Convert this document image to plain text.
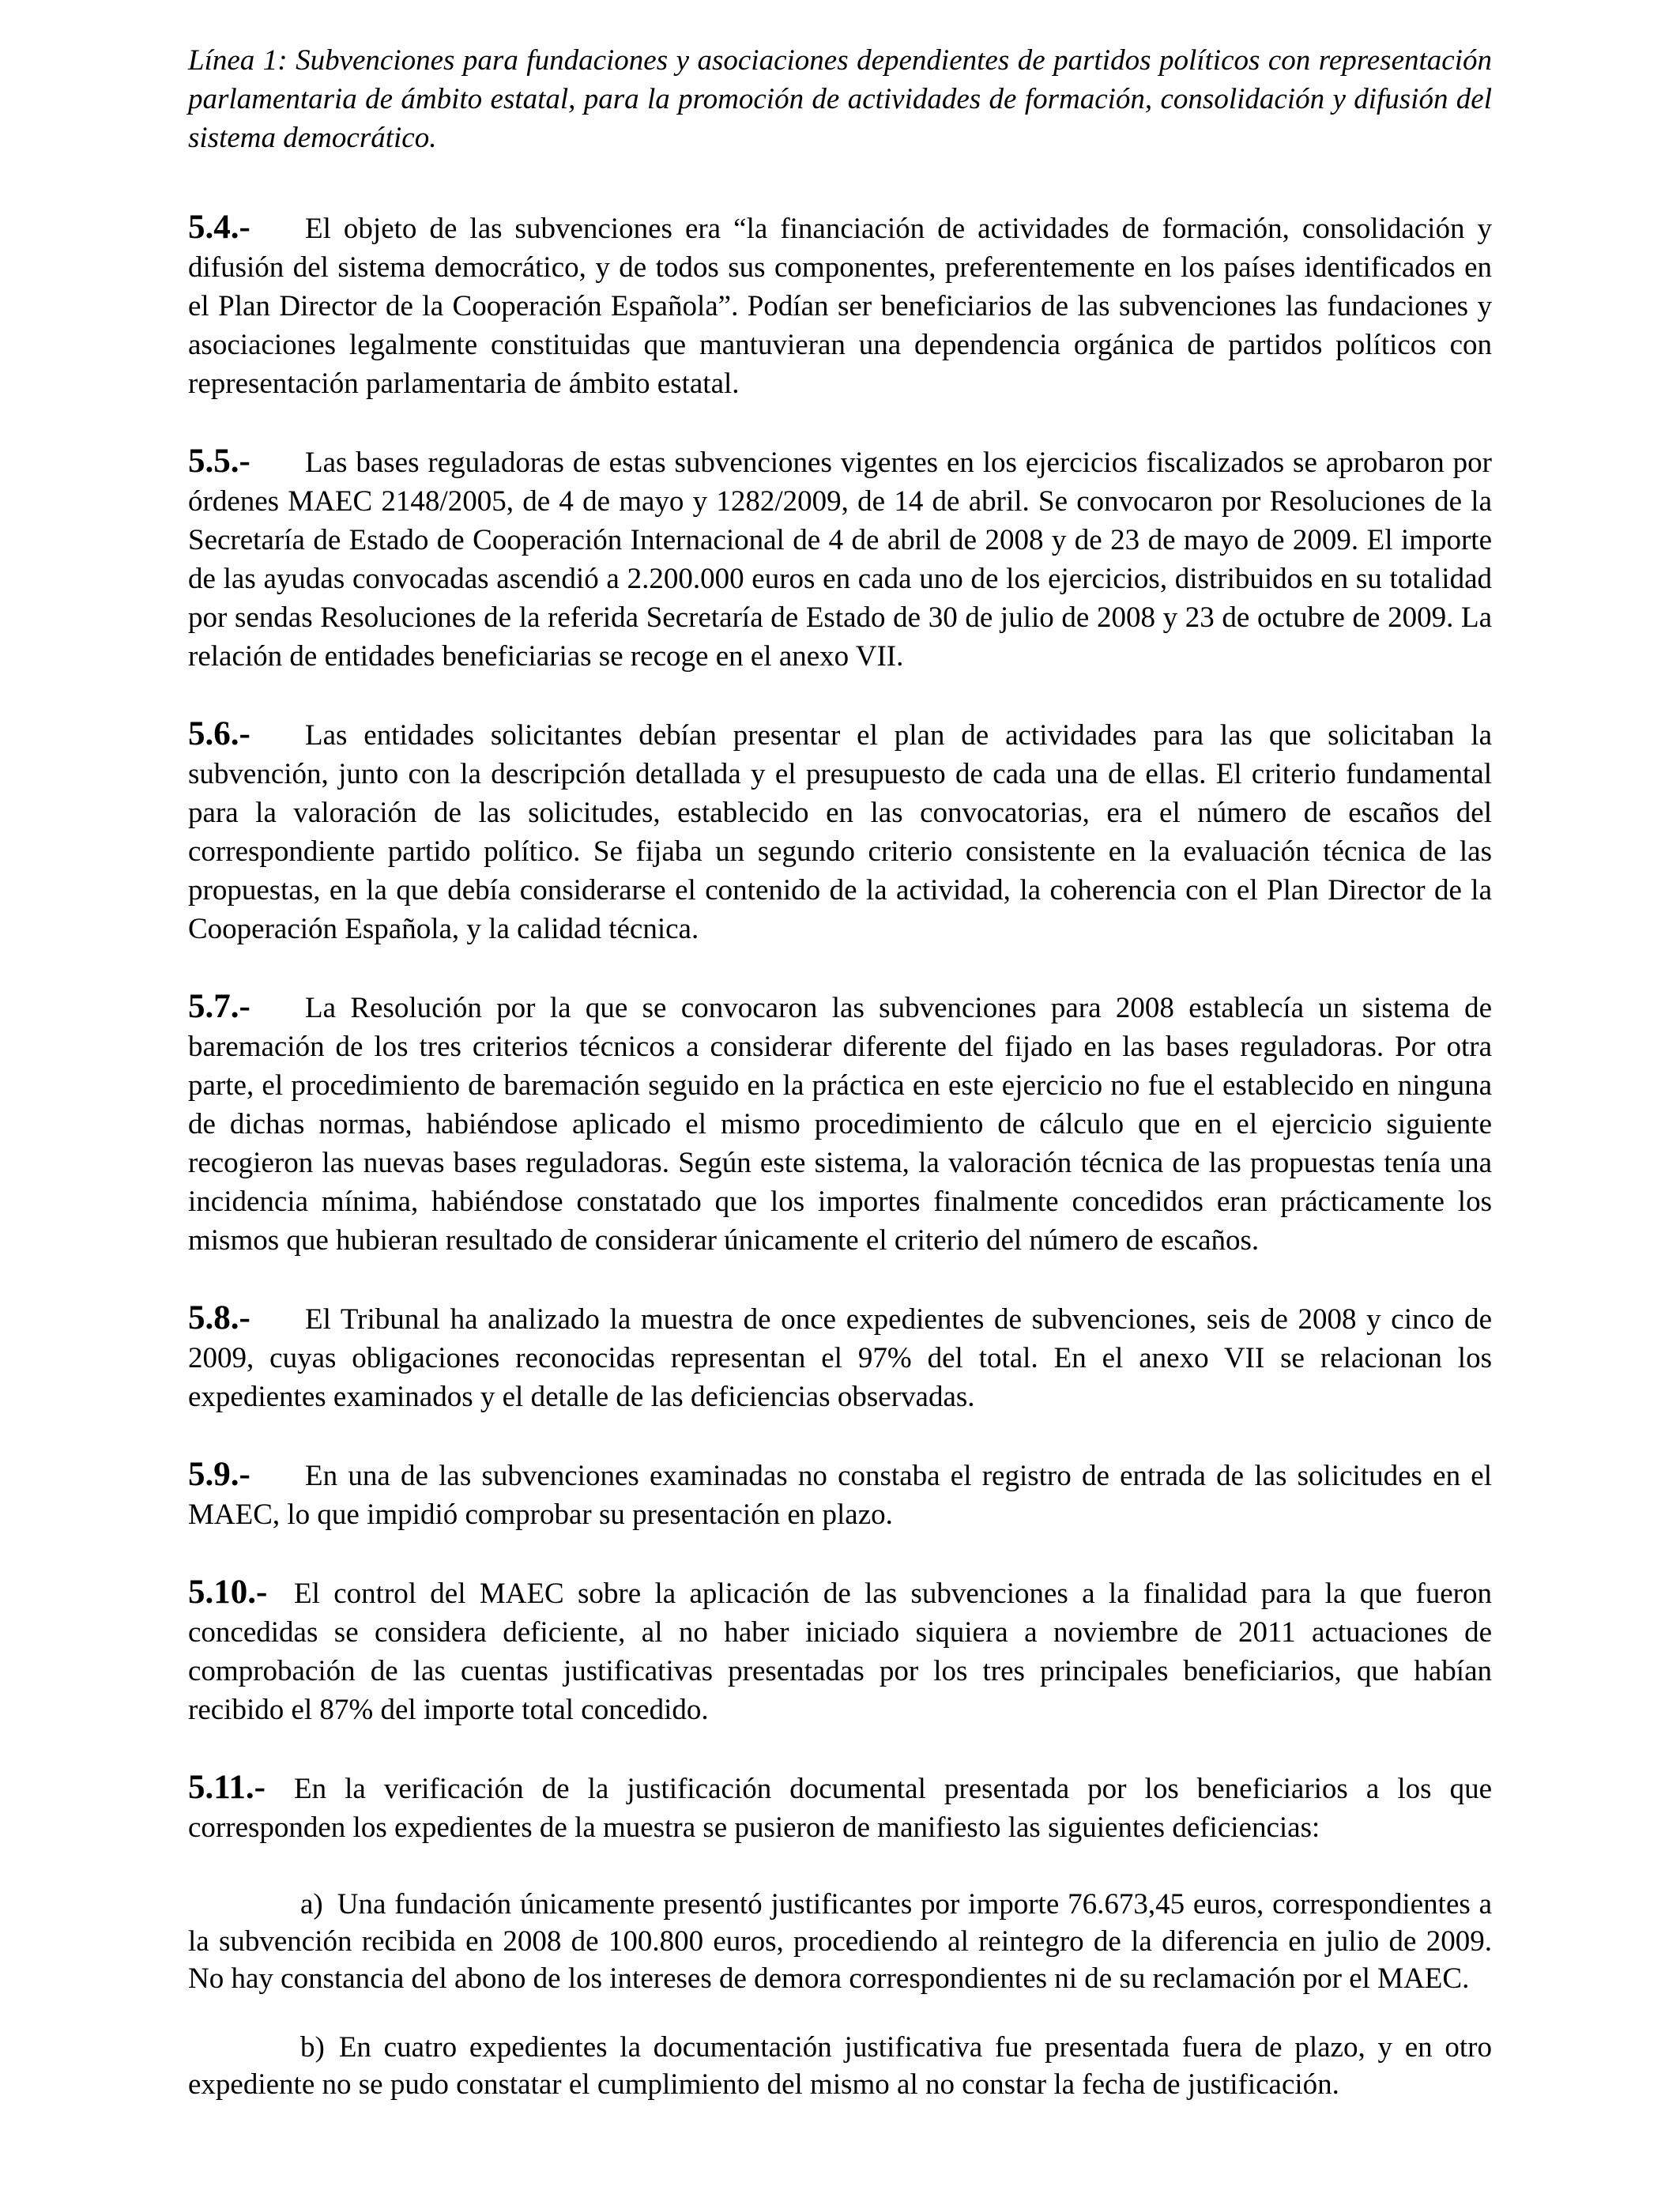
Línea 1: Subvenciones para fundaciones y asociaciones dependientes de partidos políticos con representación parlamentaria de ámbito estatal, para la promoción de actividades de formación, consolidación y difusión del sistema democrático.

5.4.- El objeto de las subvenciones era “la financiación de actividades de formación, consolidación y difusión del sistema democrático, y de todos sus componentes, preferentemente en los países identificados en el Plan Director de la Cooperación Española”. Podían ser beneficiarios de las subvenciones las fundaciones y asociaciones legalmente constituidas que mantuvieran una dependencia orgánica de partidos políticos con representación parlamentaria de ámbito estatal.

5.5.- Las bases reguladoras de estas subvenciones vigentes en los ejercicios fiscalizados se aprobaron por órdenes MAEC 2148/2005, de 4 de mayo y 1282/2009, de 14 de abril. Se convocaron por Resoluciones de la Secretaría de Estado de Cooperación Internacional de 4 de abril de 2008 y de 23 de mayo de 2009. El importe de las ayudas convocadas ascendió a 2.200.000 euros en cada uno de los ejercicios, distribuidos en su totalidad por sendas Resoluciones de la referida Secretaría de Estado de 30 de julio de 2008 y 23 de octubre de 2009. La relación de entidades beneficiarias se recoge en el anexo VII.

5.6.- Las entidades solicitantes debían presentar el plan de actividades para las que solicitaban la subvención, junto con la descripción detallada y el presupuesto de cada una de ellas. El criterio fundamental para la valoración de las solicitudes, establecido en las convocatorias, era el número de escaños del correspondiente partido político. Se fijaba un segundo criterio consistente en la evaluación técnica de las propuestas, en la que debía considerarse el contenido de la actividad, la coherencia con el Plan Director de la Cooperación Española, y la calidad técnica.

5.7.- La Resolución por la que se convocaron las subvenciones para 2008 establecía un sistema de baremación de los tres criterios técnicos a considerar diferente del fijado en las bases reguladoras. Por otra parte, el procedimiento de baremación seguido en la práctica en este ejercicio no fue el establecido en ninguna de dichas normas, habiéndose aplicado el mismo procedimiento de cálculo que en el ejercicio siguiente recogieron las nuevas bases reguladoras. Según este sistema, la valoración técnica de las propuestas tenía una incidencia mínima, habiéndose constatado que los importes finalmente concedidos eran prácticamente los mismos que hubieran resultado de considerar únicamente el criterio del número de escaños.

5.8.- El Tribunal ha analizado la muestra de once expedientes de subvenciones, seis de 2008 y cinco de 2009, cuyas obligaciones reconocidas representan el 97% del total. En el anexo VII se relacionan los expedientes examinados y el detalle de las deficiencias observadas.

5.9.- En una de las subvenciones examinadas no constaba el registro de entrada de las solicitudes en el MAEC, lo que impidió comprobar su presentación en plazo.

5.10.- El control del MAEC sobre la aplicación de las subvenciones a la finalidad para la que fueron concedidas se considera deficiente, al no haber iniciado siquiera a noviembre de 2011 actuaciones de comprobación de las cuentas justificativas presentadas por los tres principales beneficiarios, que habían recibido el 87% del importe total concedido.

5.11.- En la verificación de la justificación documental presentada por los beneficiarios a los que corresponden los expedientes de la muestra se pusieron de manifiesto las siguientes deficiencias:

a) Una fundación únicamente presentó justificantes por importe 76.673,45 euros, correspondientes a la subvención recibida en 2008 de 100.800 euros, procediendo al reintegro de la diferencia en julio de 2009. No hay constancia del abono de los intereses de demora correspondientes ni de su reclamación por el MAEC.

b) En cuatro expedientes la documentación justificativa fue presentada fuera de plazo, y en otro expediente no se pudo constatar el cumplimiento del mismo al no constar la fecha de justificación.
